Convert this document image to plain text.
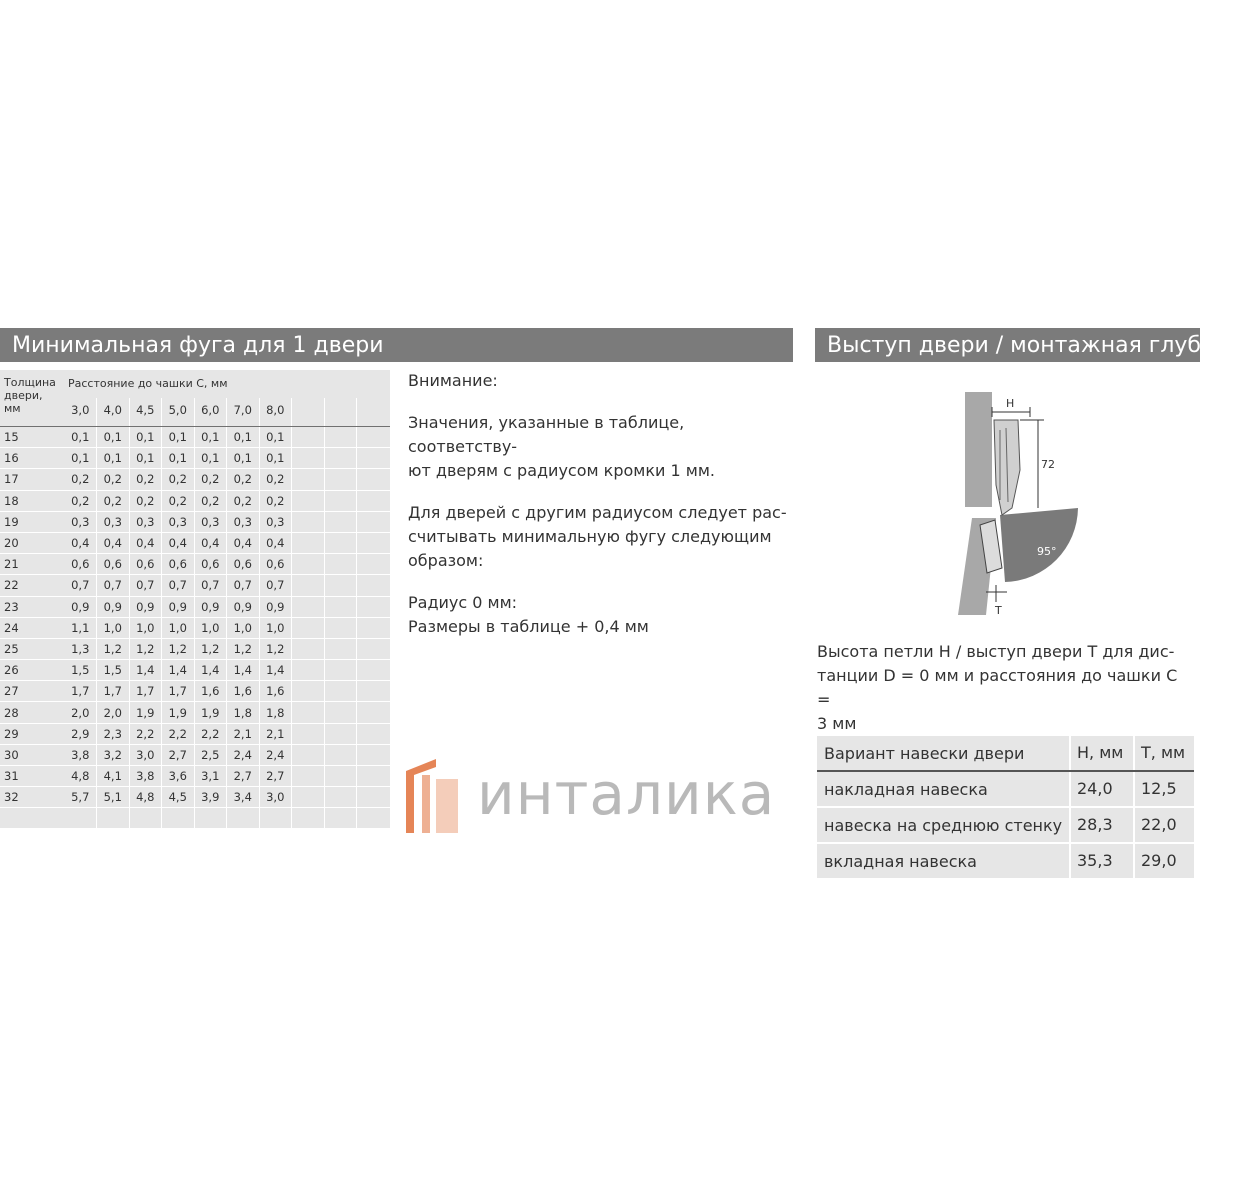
Минимальная фуга для 1 двери	Выступ двери / монтажная глубина
Толщина
двери,
мм
Расстояние до чашки С, мм
3,0	4,0	4,5	5,0	6,0	7,0	8,0
15	0,1	0,1	0,1	0,1	0,1	0,1	0,1
16	0,1	0,1	0,1	0,1	0,1	0,1	0,1
17	0,2	0,2	0,2	0,2	0,2	0,2	0,2
18	0,2	0,2	0,2	0,2	0,2	0,2	0,2
19	0,3	0,3	0,3	0,3	0,3	0,3	0,3
20	0,4	0,4	0,4	0,4	0,4	0,4	0,4
21	0,6	0,6	0,6	0,6	0,6	0,6	0,6
22	0,7	0,7	0,7	0,7	0,7	0,7	0,7
23	0,9	0,9	0,9	0,9	0,9	0,9	0,9
24	1,1	1,0	1,0	1,0	1,0	1,0	1,0
25	1,3	1,2	1,2	1,2	1,2	1,2	1,2
26	1,5	1,5	1,4	1,4	1,4	1,4	1,4
27	1,7	1,7	1,7	1,7	1,6	1,6	1,6
28	2,0	2,0	1,9	1,9	1,9	1,8	1,8
29	2,9	2,3	2,2	2,2	2,2	2,1	2,1
30	3,8	3,2	3,0	2,7	2,5	2,4	2,4
31	4,8	4,1	3,8	3,6	3,1	2,7	2,7
32	5,7	5,1	4,8	4,5	3,9	3,4	3,0

Внимание:

Значения, указанные в таблице, соответству-
ют дверям с радиусом кромки 1 мм.

Для дверей с другим радиусом следует рас-
считывать минимальную фугу следующим
образом:

Радиус 0 мм:
Размеры в таблице + 0,4 мм

инталика
H
72
95°
T
Высота петли H / выступ двери T для дис-
танции D = 0 мм и расстояния до чашки C =
3 мм
Вариант навески двери	H, мм	T, мм
накладная навеска	24,0	12,5
навеска на среднюю стенку 28,3	22,0
вкладная навеска	35,3	29,0
